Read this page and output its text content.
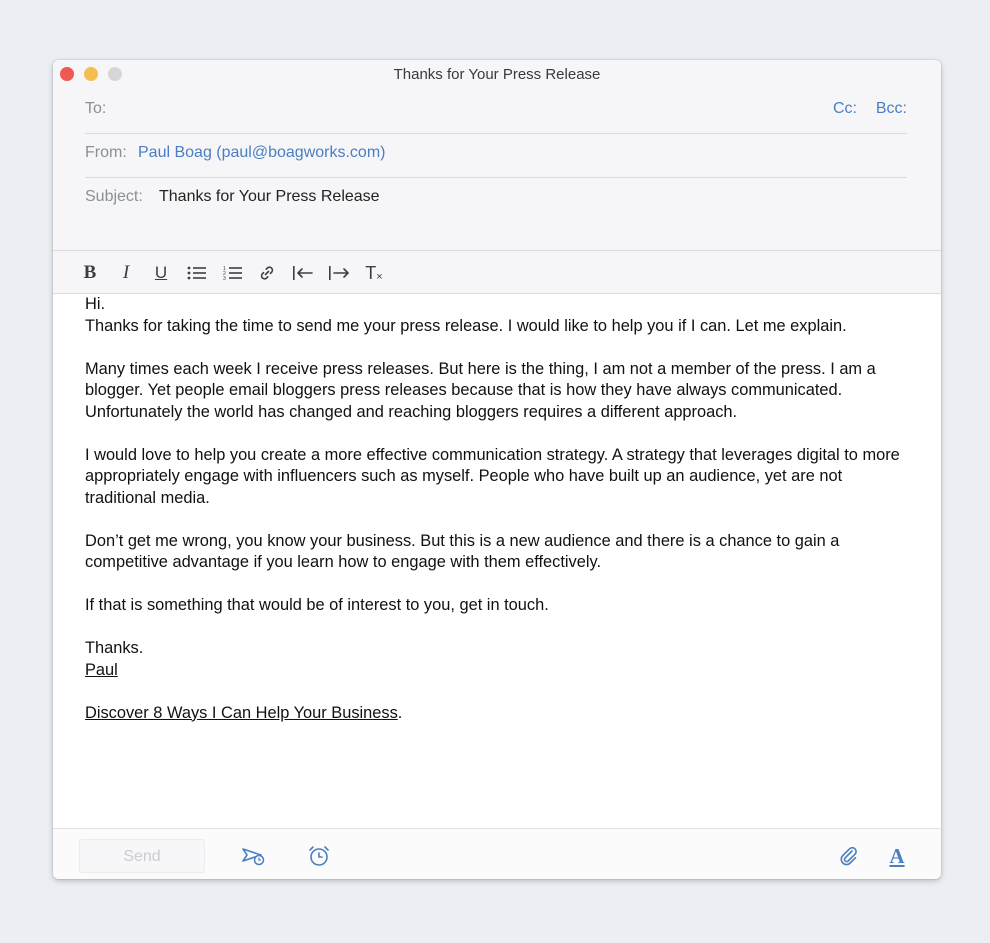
Thanks for Your Press Release
To:	Cc: Bcc:
From: Paul Boag (paul@boagworks.com)
Subject: Thanks for Your Press Release
B	I	U	1
2
3	T ×
Hi.

Thanks for taking the time to send me your press release. I would like to help you if I can. Let me explain.

Many times each week I receive press releases. But here is the thing, I am not a member of the press. I am a blogger. Yet people email bloggers press releases because that is how they have always communicated. Unfortunately the world has changed and reaching bloggers requires a different approach.

I would love to help you create a more effective communication strategy. A strategy that leverages digital to more appropriately engage with influencers such as myself. People who have built up an audience, yet are not traditional media.

Don’t get me wrong, you know your business. But this is a new audience and there is a chance to gain a competitive advantage if you learn how to engage with them effectively.

If that is something that would be of interest to you, get in touch.

Thanks.

Paul

Discover 8 Ways I Can Help Your Business.

Send	A
